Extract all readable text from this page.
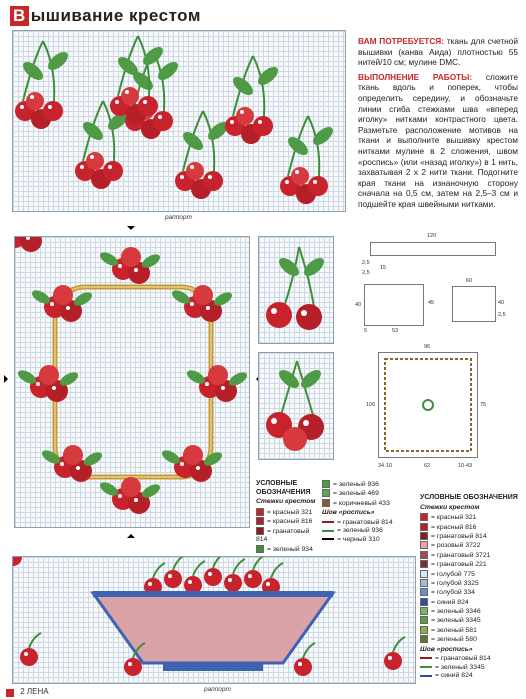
В ышивание крестом
раппорт
ВАМ ПОТРЕБУЕТСЯ: ткань для счетной вышивки (канва Аида) плотностью 55 нитей/10 см; мулине DMC.
ВЫПОЛНЕНИЕ РАБОТЫ: сложите ткань вдоль и поперек, чтобы определить середину, и обозначьте линии сгиба стежками шва «вперед иголку» нитками контрастного цвета. Разметьте расположение мотивов на ткани и выполните вышивку крестом нитками мулине в 2 сложения, швом «роспись» (или «назад иголку») в 1 нить, захватывая 2 х 2 нити ткани. Подогните края ткани на изнаночную сторону сначала на 0,5 см, затем на 2,5–3 см и подшейте края швейными нитками.
120
2,5
15
2,5
40	45
53
5
60
40
2,5
96
106	75
62
34·10	10·43
УСЛОВНЫЕ ОБОЗНАЧЕНИЯ
Стежки крестом
= красный 321
= красный 816
= гранатовый 814
= зеленый 934
= зеленый 936
= зеленый 469
= коричневый 433
Шов «роспись»
= гранатовый 814
= зеленый 936
= черный 310
УСЛОВНЫЕ ОБОЗНАЧЕНИЯ
Стежки крестом
= красный 321
= красный 816
= гранатовый 814
= розовый 3722
= гранатовый 3721
= гранатовый 221
= голубой 775
= голубой 3325
= голубой 334
= синий 824
= зеленый 3346
= зеленый 3345
= зеленый 581
= зеленый 580
Шов «роспись»
= гранатовый 814
= зеленый 3345
= синий 824
раппорт
2 ЛЕНА
